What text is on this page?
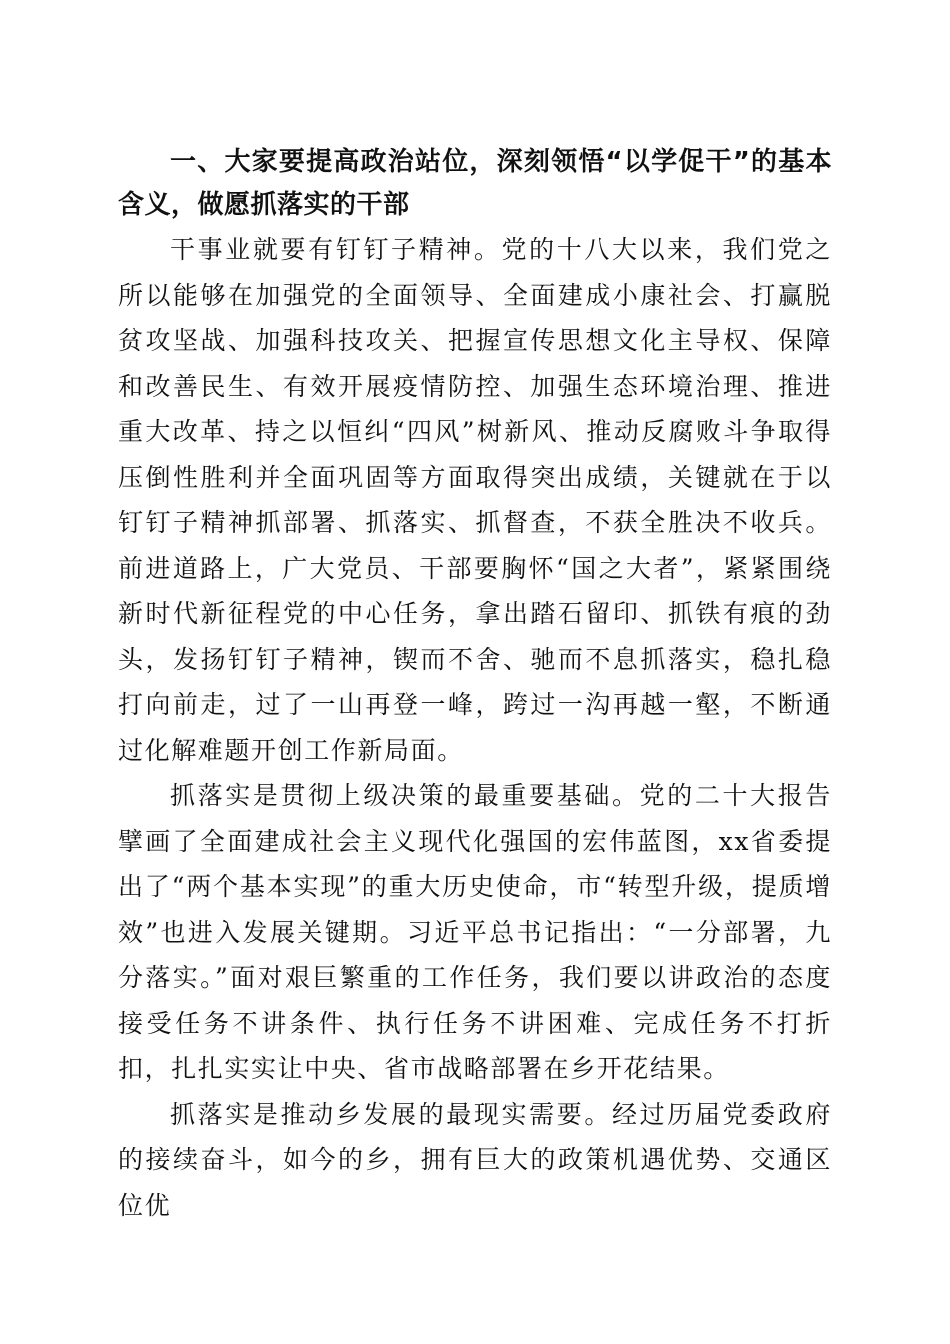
一、大家要提高政治站位，深刻领悟“以学促干”的基本含义，做愿抓落实的干部

干事业就要有钉钉子精神。党的十八大以来，我们党之所以能够在加强党的全面领导、全面建成小康社会、打赢脱贫攻坚战、加强科技攻关、把握宣传思想文化主导权、保障和改善民生、有效开展疫情防控、加强生态环境治理、推进重大改革、持之以恒纠“四风”树新风、推动反腐败斗争取得压倒性胜利并全面巩固等方面取得突出成绩，关键就在于以钉钉子精神抓部署、抓落实、抓督查，不获全胜决不收兵。前进道路上，广大党员、干部要胸怀“国之大者”，紧紧围绕新时代新征程党的中心任务，拿出踏石留印、抓铁有痕的劲头，发扬钉钉子精神，锲而不舍、驰而不息抓落实，稳扎稳打向前走，过了一山再登一峰，跨过一沟再越一壑，不断通过化解难题开创工作新局面。

抓落实是贯彻上级决策的最重要基础。党的二十大报告擘画了全面建成社会主义现代化强国的宏伟蓝图，xx省委提出了“两个基本实现”的重大历史使命，市“转型升级，提质增效”也进入发展关键期。习近平总书记指出：“一分部署，九分落实。”面对艰巨繁重的工作任务，我们要以讲政治的态度接受任务不讲条件、执行任务不讲困难、完成任务不打折扣，扎扎实实让中央、省市战略部署在乡开花结果。

抓落实是推动乡发展的最现实需要。经过历届党委政府的接续奋斗，如今的乡，拥有巨大的政策机遇优势、交通区位优
